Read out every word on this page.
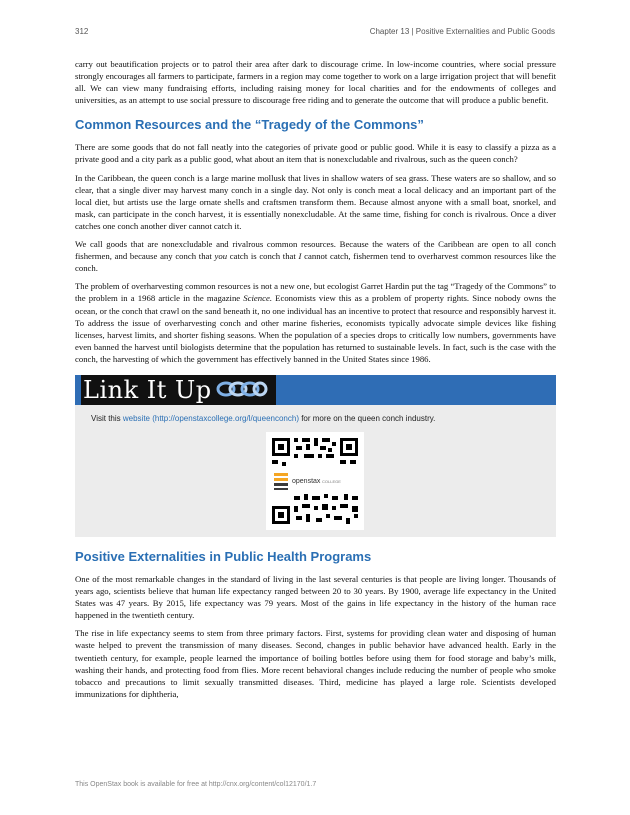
312	Chapter 13 | Positive Externalities and Public Goods

carry out beautification projects or to patrol their area after dark to discourage crime. In low-income countries, where social pressure strongly encourages all farmers to participate, farmers in a region may come together to work on a large irrigation project that will benefit all. We can view many fundraising efforts, including raising money for local charities and for the endowments of colleges and universities, as an attempt to use social pressure to discourage free riding and to generate the outcome that will produce a public benefit.

Common Resources and the “Tragedy of the Commons”

There are some goods that do not fall neatly into the categories of private good or public good. While it is easy to classify a pizza as a private good and a city park as a public good, what about an item that is nonexcludable and rivalrous, such as the queen conch?

In the Caribbean, the queen conch is a large marine mollusk that lives in shallow waters of sea grass. These waters are so shallow, and so clear, that a single diver may harvest many conch in a single day. Not only is conch meat a local delicacy and an important part of the local diet, but artists use the large ornate shells and craftsmen transform them. Because almost anyone with a small boat, snorkel, and mask, can participate in the conch harvest, it is essentially nonexcludable. At the same time, fishing for conch is rivalrous. Once a diver catches one conch another diver cannot catch it.

We call goods that are nonexcludable and rivalrous common resources. Because the waters of the Caribbean are open to all conch fishermen, and because any conch that you catch is conch that I cannot catch, fishermen tend to overharvest common resources like the conch.

The problem of overharvesting common resources is not a new one, but ecologist Garret Hardin put the tag “Tragedy of the Commons” to the problem in a 1968 article in the magazine Science. Economists view this as a problem of property rights. Since nobody owns the ocean, or the conch that crawl on the sand beneath it, no one individual has an incentive to protect that resource and responsibly harvest it. To address the issue of overharvesting conch and other marine fisheries, economists typically advocate simple devices like fishing licenses, harvest limits, and shorter fishing seasons. When the population of a species drops to critically low numbers, governments have even banned the harvest until biologists determine that the population has returned to sustainable levels. In fact, such is the case with the conch, the harvesting of which the government has effectively banned in the United States since 1986.

Link It Up
Visit this website (http://openstaxcollege.org/l/queenconch) for more on the queen conch industry.
openstax COLLEGE
Positive Externalities in Public Health Programs

One of the most remarkable changes in the standard of living in the last several centuries is that people are living longer. Thousands of years ago, scientists believe that human life expectancy ranged between 20 to 30 years. By 1900, average life expectancy in the United States was 47 years. By 2015, life expectancy was 79 years. Most of the gains in life expectancy in the history of the human race happened in the twentieth century.

The rise in life expectancy seems to stem from three primary factors. First, systems for providing clean water and disposing of human waste helped to prevent the transmission of many diseases. Second, changes in public behavior have advanced health. Early in the twentieth century, for example, people learned the importance of boiling bottles before using them for food storage and baby’s milk, washing their hands, and protecting food from flies. More recent behavioral changes include reducing the number of people who smoke tobacco and precautions to limit sexually transmitted diseases. Third, medicine has played a large role. Scientists developed immunizations for diphtheria,

This OpenStax book is available for free at http://cnx.org/content/col12170/1.7
